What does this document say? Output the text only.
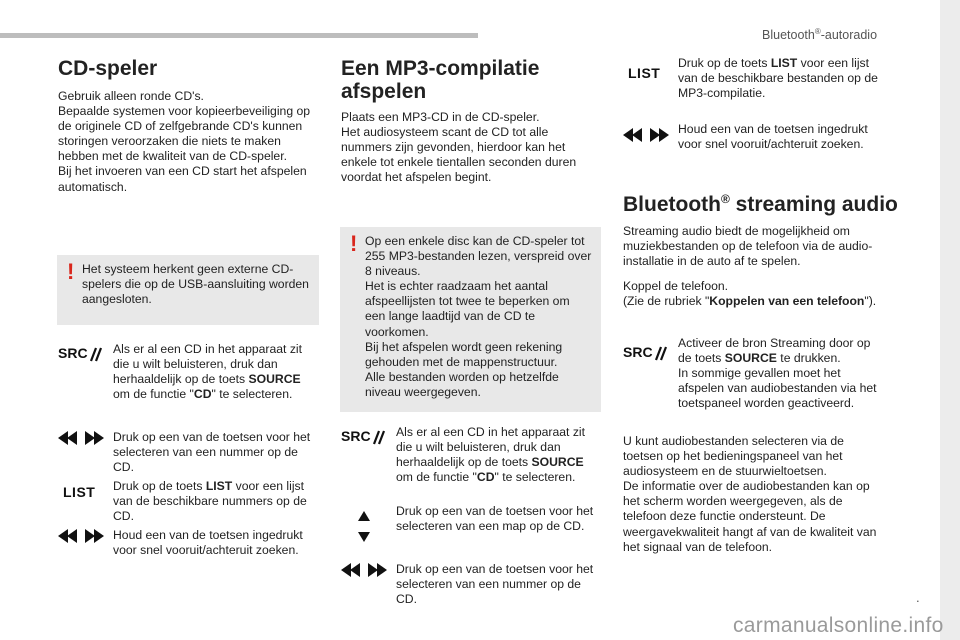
Bluetooth®-autoradio
.
CD-speler

Gebruik alleen ronde CD's.
Bepaalde systemen voor kopieerbeveiliging op de originele CD of zelfgebrande CD's kunnen storingen veroorzaken die niets te maken hebben met de kwaliteit van de CD-speler.
Bij het invoeren van een CD start het afspelen automatisch.

! Het systeem herkent geen externe CD-spelers die op de USB-aansluiting worden aangesloten.
SRC Als er al een CD in het apparaat zit die u wilt beluisteren, druk dan herhaaldelijk op de toets SOURCE om de functie "CD" te selecteren.
Druk op een van de toetsen voor het selecteren van een nummer op de CD.
LIST	Druk op de toets LIST voor een lijst van de beschikbare nummers op de CD.
Houd een van de toetsen ingedrukt voor snel vooruit/achteruit zoeken.
Een MP3-compilatie
afspelen

Plaats een MP3-CD in de CD-speler.
Het audiosysteem scant de CD tot alle nummers zijn gevonden, hierdoor kan het enkele tot enkele tientallen seconden duren voordat het afspelen begint.

! Op een enkele disc kan de CD-speler tot 255 MP3-bestanden lezen, verspreid over 8 niveaus.
Het is echter raadzaam het aantal afspeellijsten tot twee te beperken om een lange laadtijd van de CD te voorkomen.
Bij het afspelen wordt geen rekening gehouden met de mappenstructuur.
Alle bestanden worden op hetzelfde niveau weergegeven.
SRC Als er al een CD in het apparaat zit die u wilt beluisteren, druk dan herhaaldelijk op de toets SOURCE om de functie "CD" te selecteren.
Druk op een van de toetsen voor het selecteren van een map op de CD.
Druk op een van de toetsen voor het selecteren van een nummer op de CD.
LIST
Druk op de toets LIST voor een lijst van de beschikbare bestanden op de MP3-compilatie.
Houd een van de toetsen ingedrukt voor snel vooruit/achteruit zoeken.
Bluetooth® streaming audio

Streaming audio biedt de mogelijkheid om muziekbestanden op de telefoon via de audio-installatie in de auto af te spelen.

Koppel de telefoon.
(Zie de rubriek "Koppelen van een telefoon").

SRC
Activeer de bron Streaming door op de toets SOURCE te drukken.
In sommige gevallen moet het afspelen van audiobestanden via het toetspaneel worden geactiveerd.

U kunt audiobestanden selecteren via de toetsen op het bedieningspaneel van het audiosysteem en de stuurwieltoetsen.
De informatie over de audiobestanden kan op het scherm worden weergegeven, als de telefoon deze functie ondersteunt. De weergavekwaliteit hangt af van de kwaliteit van het signaal van de telefoon.

carmanualsonline.info
